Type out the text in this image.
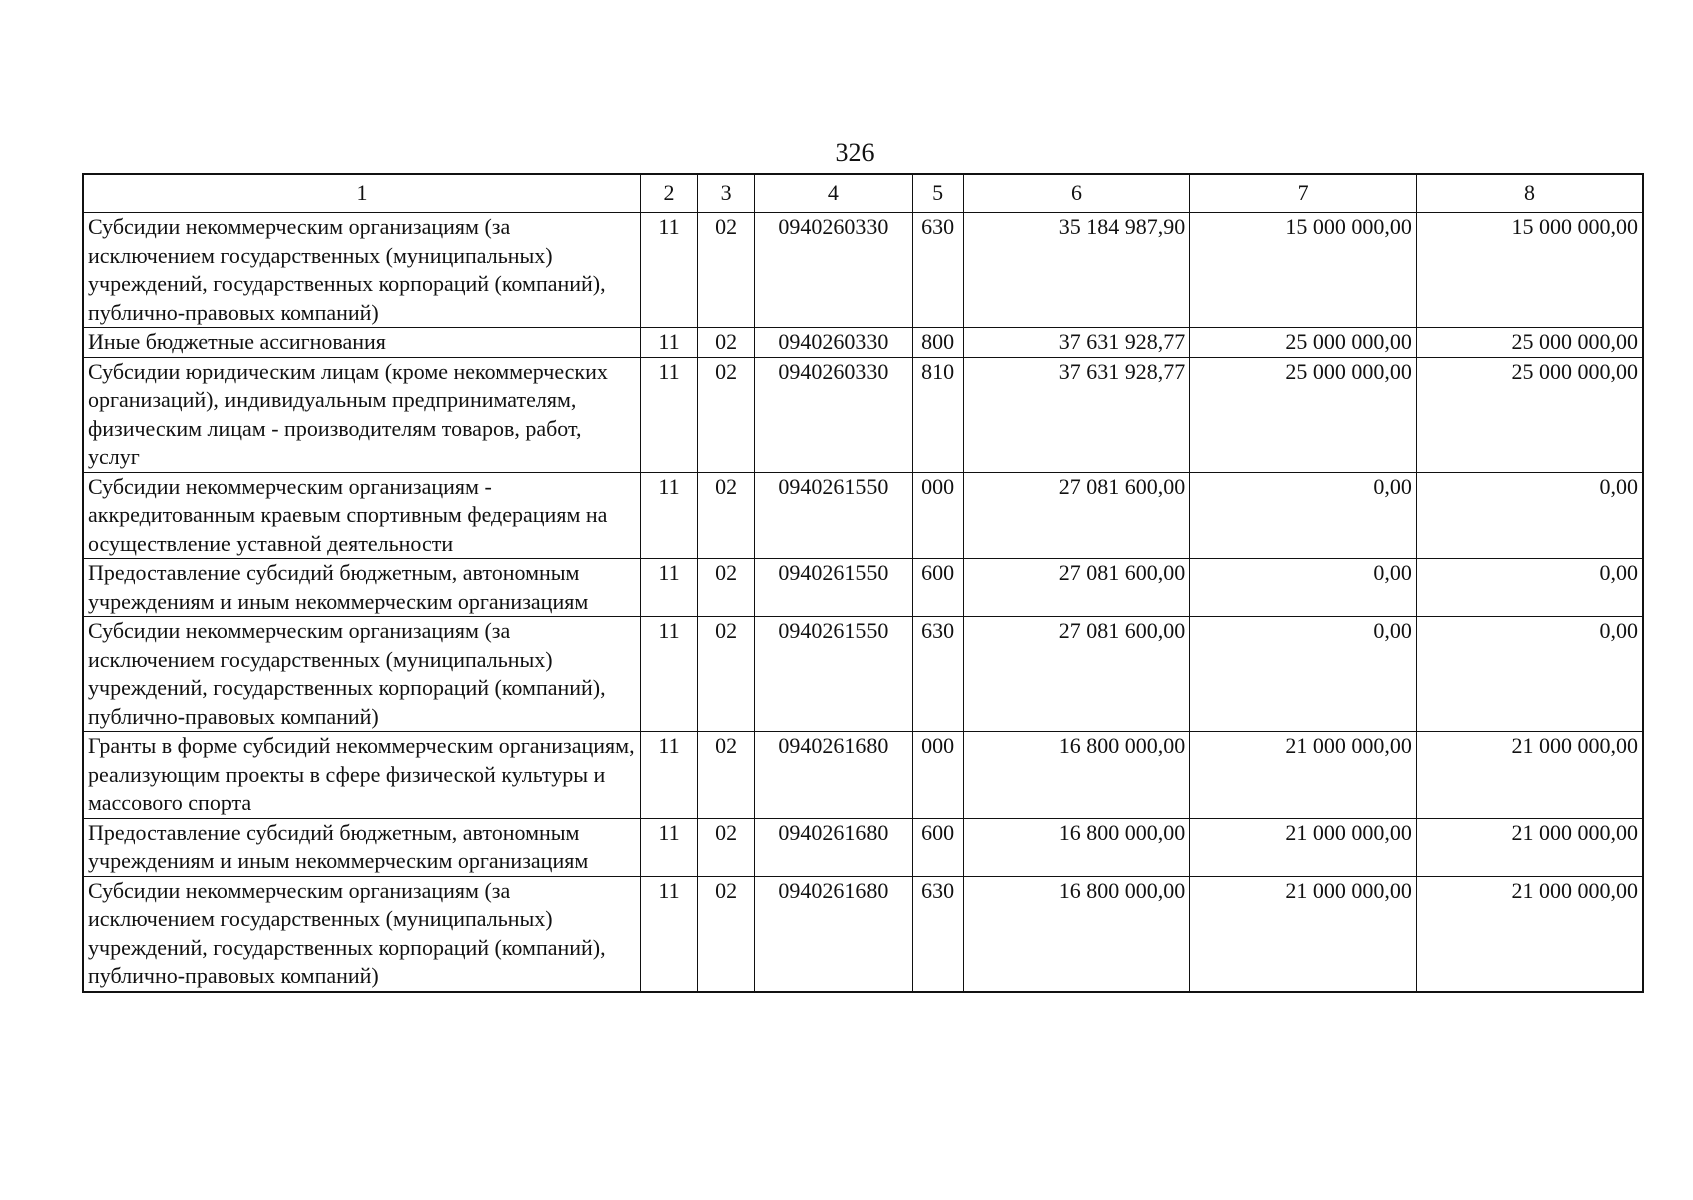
326
1	2	3	4	5	6	7	8
Субсидии некоммерческим организациям (за исключением государственных (муниципальных) учреждений, государственных корпораций (компаний), публично-правовых компаний)	11	02	0940260330	630	35 184 987,90	15 000 000,00	15 000 000,00
Иные бюджетные ассигнования	11	02	0940260330	800	37 631 928,77	25 000 000,00	25 000 000,00
Субсидии юридическим лицам (кроме некоммерческих организаций), индивидуальным предпринимателям, физическим лицам - производителям товаров, работ, услуг	11	02	0940260330	810	37 631 928,77	25 000 000,00	25 000 000,00
Субсидии некоммерческим организациям - аккредитованным краевым спортивным федерациям на осуществление уставной деятельности	11	02	0940261550	000	27 081 600,00	0,00	0,00
Предоставление субсидий бюджетным, автономным учреждениям и иным некоммерческим организациям	11	02	0940261550	600	27 081 600,00	0,00	0,00
Субсидии некоммерческим организациям (за исключением государственных (муниципальных) учреждений, государственных корпораций (компаний), публично-правовых компаний)	11	02	0940261550	630	27 081 600,00	0,00	0,00
Гранты в форме субсидий некоммерческим организациям, реализующим проекты в сфере физической культуры и массового спорта	11	02	0940261680	000	16 800 000,00	21 000 000,00	21 000 000,00
Предоставление субсидий бюджетным, автономным учреждениям и иным некоммерческим организациям	11	02	0940261680	600	16 800 000,00	21 000 000,00	21 000 000,00
Субсидии некоммерческим организациям (за исключением государственных (муниципальных) учреждений, государственных корпораций (компаний), публично-правовых компаний)	11	02	0940261680	630	16 800 000,00	21 000 000,00	21 000 000,00
